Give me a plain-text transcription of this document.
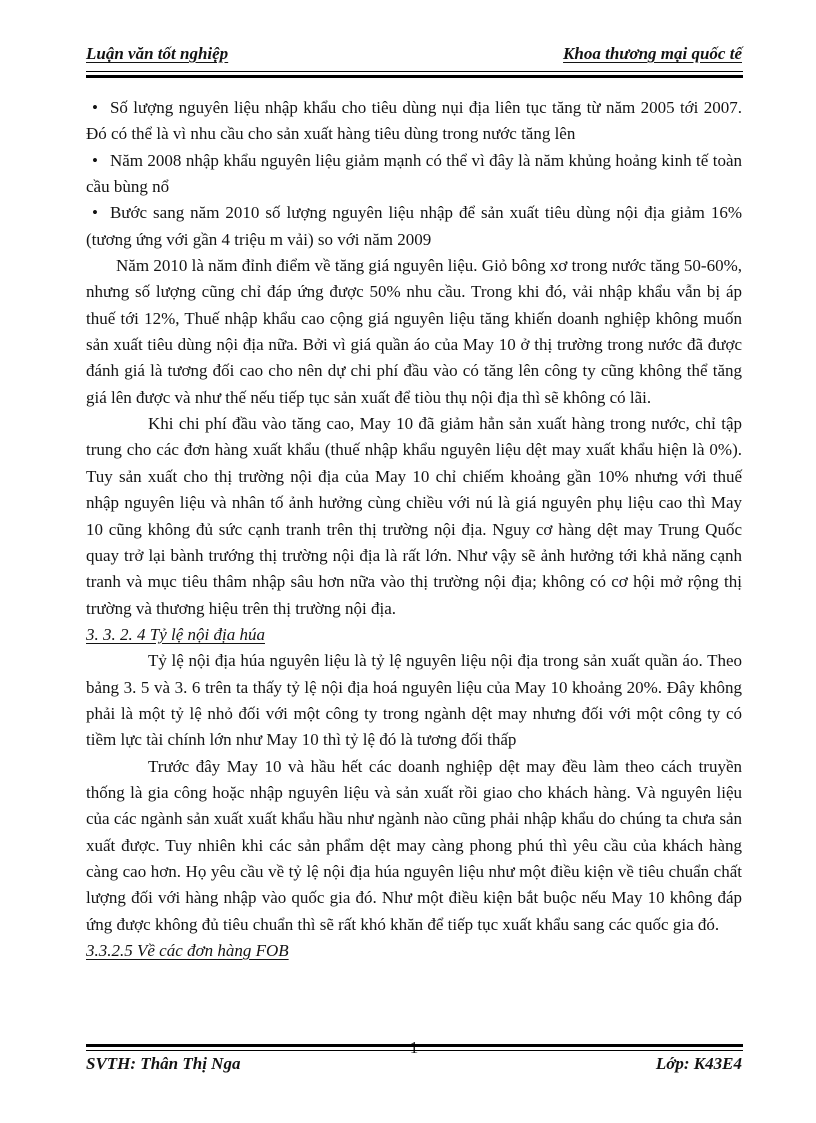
Luận văn tốt nghiệp	Khoa thương mại quốc tế

• Số lượng nguyên liệu nhập khẩu cho tiêu dùng nụi địa liên tục tăng từ năm 2005 tới 2007. Đó có thể là vì nhu cầu cho sản xuất hàng tiêu dùng trong nước tăng lên

• Năm 2008 nhập khẩu nguyên liệu giảm mạnh có thể vì đây là năm khủng hoảng kinh tế toàn cầu bùng nổ

• Bước sang năm 2010 số lượng nguyên liệu nhập để sản xuất tiêu dùng nội địa giảm 16% (tương ứng với gần 4 triệu m vải) so với năm 2009

Năm 2010 là năm đỉnh điểm về tăng giá nguyên liệu. Giỏ bông xơ trong nước tăng 50-60%, nhưng số lượng cũng chỉ đáp ứng được 50% nhu cầu. Trong khi đó, vải nhập khẩu vẫn bị áp thuế tới 12%, Thuế nhập khẩu cao cộng giá nguyên liệu tăng khiến doanh nghiệp không muốn sản xuất tiêu dùng nội địa nữa. Bởi vì giá quần áo của May 10 ở thị trường trong nước đã được đánh giá là tương đối cao cho nên dự chi phí đầu vào có tăng lên công ty cũng không thể tăng giá lên được và như thế nếu tiếp tục sản xuất để tiòu thụ nội địa thì sẽ không có lãi.

Khi chi phí đầu vào tăng cao, May 10 đã giảm hẳn sản xuất hàng trong nước, chỉ tập trung cho các đơn hàng xuất khẩu (thuế nhập khẩu nguyên liệu dệt may xuất khẩu hiện là 0%). Tuy sản xuất cho thị trường nội địa của May 10 chỉ chiếm khoảng gần 10% nhưng với thuế nhập nguyên liệu và nhân tố ảnh hưởng cùng chiều với nú là giá nguyên phụ liệu cao thì May 10 cũng không đủ sức cạnh tranh trên thị trường nội địa. Nguy cơ hàng dệt may Trung Quốc quay trở lại bành trướng thị trường nội địa là rất lớn. Như vậy sẽ ảnh hưởng tới khả năng cạnh tranh và mục tiêu thâm nhập sâu hơn nữa vào thị trường nội địa; không có cơ hội mở rộng thị trường và thương hiệu trên thị trường nội địa.

3. 3. 2. 4 Tỷ lệ nội địa húa

Tỷ lệ nội địa húa nguyên liệu là tỷ lệ nguyên liệu nội địa trong sản xuất quần áo. Theo bảng 3. 5 và 3. 6 trên ta thấy tỷ lệ nội địa hoá nguyên liệu của May 10 khoảng 20%. Đây không phải là một tỷ lệ nhỏ đối với một công ty trong ngành dệt may nhưng đối với một công ty có tiềm lực tài chính lớn như May 10 thì tỷ lệ đó là tương đối thấp

Trước đây May 10 và hầu hết các doanh nghiệp dệt may đều làm theo cách truyền thống là gia công hoặc nhập nguyên liệu và sản xuất rồi giao cho khách hàng. Và nguyên liệu của các ngành sản xuất xuất khẩu hầu như ngành nào cũng phải nhập khẩu do chúng ta chưa sản xuất được. Tuy nhiên khi các sản phẩm dệt may càng phong phú thì yêu cầu của khách hàng càng cao hơn. Họ yêu cầu về tỷ lệ nội địa húa nguyên liệu như một điều kiện về tiêu chuẩn chất lượng đối với hàng nhập vào quốc gia đó. Như một điều kiện bắt buộc nếu May 10 không đáp ứng được không đủ tiêu chuẩn thì sẽ rất khó khăn để tiếp tục xuất khẩu sang các quốc gia đó.

3.3.2.5 Về các đơn hàng FOB

1
SVTH: Thân Thị Nga	Lớp: K43E4
